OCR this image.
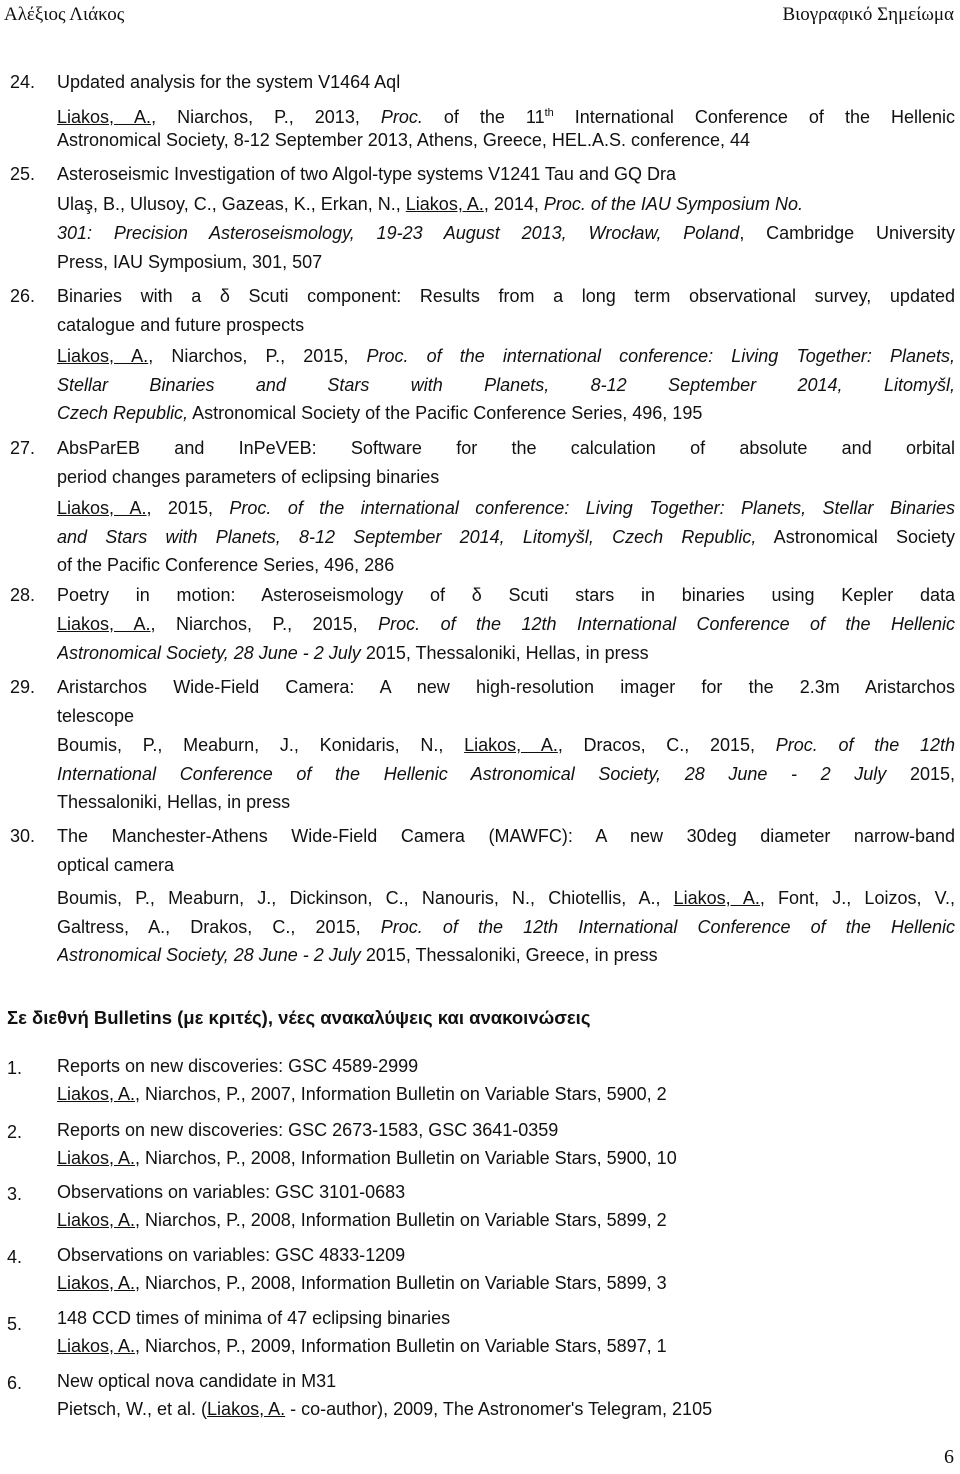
Αλέξιος Λιάκος	Βιογραφικό Σημείωμα
24. Updated analysis for the system V1464 Aql
Liakos, A., Niarchos, P., 2013, Proc. of the 11th International Conference of the Hellenic
Astronomical Society, 8-12 September 2013, Athens, Greece, HEL.A.S. conference, 44
25. Asteroseismic Investigation of two Algol-type systems V1241 Tau and GQ Dra
Ulaş, B., Ulusoy, C., Gazeas, K., Erkan, N., Liakos, A., 2014, Proc. of the IAU Symposium No.
301: Precision Asteroseismology, 19-23 August 2013, Wrocław, Poland, Cambridge University
Press, IAU Symposium, 301, 507
26. Binaries with a δ Scuti component: Results from a long term observational survey, updated
catalogue and future prospects
Liakos, A., Niarchos, P., 2015, Proc. of the international conference: Living Together: Planets,
Stellar Binaries and Stars with Planets, 8-12 September 2014, Litomyšl,
Czech Republic, Astronomical Society of the Pacific Conference Series, 496, 195
27. AbsParEB and InPeVEB: Software for the calculation of absolute and orbital
period changes parameters of eclipsing binaries
Liakos, A., 2015, Proc. of the international conference: Living Together: Planets, Stellar Binaries
and Stars with Planets, 8-12 September 2014, Litomyšl, Czech Republic, Astronomical Society
of the Pacific Conference Series, 496, 286
28. Poetry in motion: Asteroseismology of δ Scuti stars in binaries using Kepler data
Liakos, A., Niarchos, P., 2015, Proc. of the 12th International Conference of the Hellenic
Astronomical Society, 28 June - 2 July 2015, Thessaloniki, Hellas, in press
29. Aristarchos Wide-Field Camera: A new high-resolution imager for the 2.3m Aristarchos
telescope
Boumis, P., Meaburn, J., Konidaris, N., Liakos, A., Dracos, C., 2015, Proc. of the 12th
International Conference of the Hellenic Astronomical Society, 28 June - 2 July 2015,
Thessaloniki, Hellas, in press
30. The Manchester-Athens Wide-Field Camera (MAWFC): A new 30deg diameter narrow-band
optical camera
Boumis, P., Meaburn, J., Dickinson, C., Nanouris, N., Chiotellis, A., Liakos, A., Font, J., Loizos, V.,
Galtress, A., Drakos, C., 2015, Proc. of the 12th International Conference of the Hellenic
Astronomical Society, 28 June - 2 July 2015, Thessaloniki, Greece, in press
Σε διεθνή Bulletins (με κριτές), νέες ανακαλύψεις και ανακοινώσεις
1. Reports on new discoveries: GSC 4589-2999
Liakos, A., Niarchos, P., 2007, Information Bulletin on Variable Stars, 5900, 2
2. Reports on new discoveries: GSC 2673-1583, GSC 3641-0359
Liakos, A., Niarchos, P., 2008, Information Bulletin on Variable Stars, 5900, 10
3. Observations on variables: GSC 3101-0683
Liakos, A., Niarchos, P., 2008, Information Bulletin on Variable Stars, 5899, 2
4. Observations on variables: GSC 4833-1209
Liakos, A., Niarchos, P., 2008, Information Bulletin on Variable Stars, 5899, 3
5. 148 CCD times of minima of 47 eclipsing binaries
Liakos, A., Niarchos, P., 2009, Information Bulletin on Variable Stars, 5897, 1
6. New optical nova candidate in M31
Pietsch, W., et al. (Liakos, A. - co-author), 2009, The Astronomer's Telegram, 2105
6
